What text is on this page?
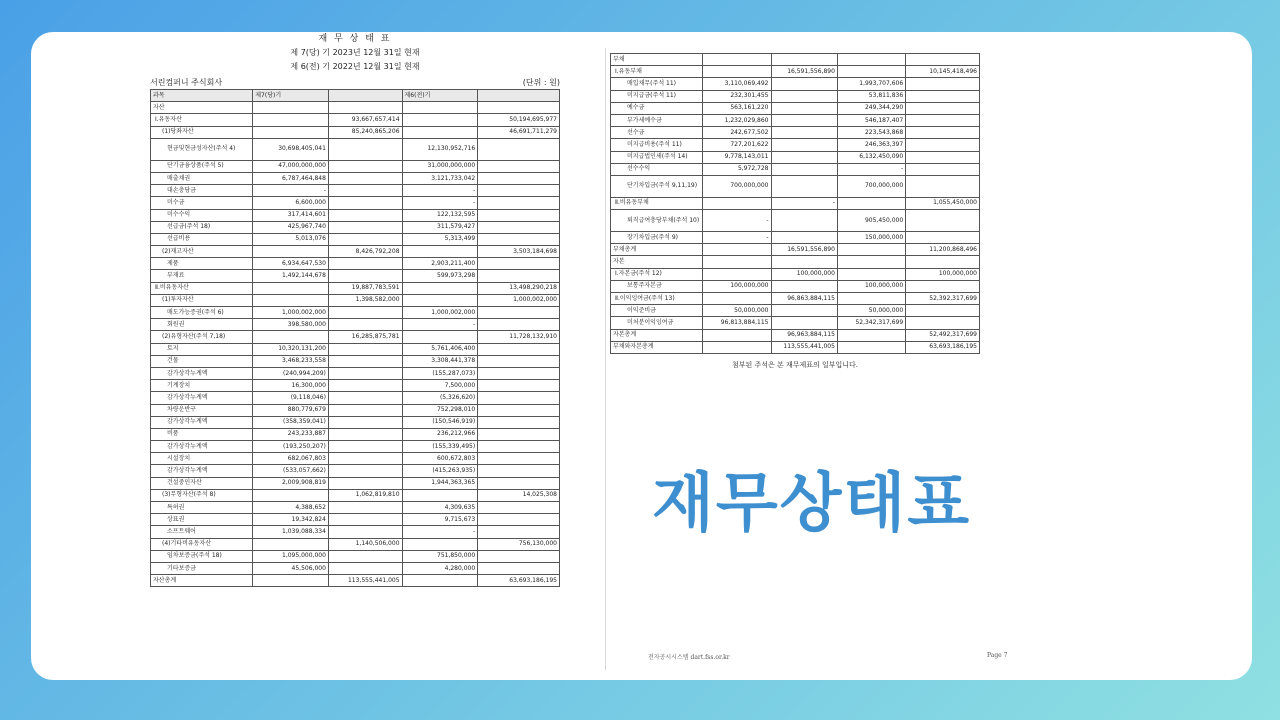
재무상태표
전자공시시스템 dart.fss.or.kr	Page 7
재 무 상 태 표
제 7(당) 기 2023년 12월 31일 현재
제 6(전) 기 2022년 12월 31일 현재
서린컴퍼니 주식회사	(단위 : 원)
과목	제7(당)기		제6(전)기	
자산				
Ⅰ.유동자산		93,667,657,414		50,194,695,977
(1)당좌자산		85,240,865,206		46,691,711,279
현금및현금성자산(주석 4)	30,698,405,041		12,130,952,716	
단기금융상품(주석 5)	47,000,000,000		31,000,000,000	
매출채권	6,787,464,848		3,121,733,042	
대손충당금	-		-	
미수금	6,600,000		-	
미수수익	317,414,601		122,132,595	
선급금(주석 18)	425,967,740		311,579,427	
선급비용	5,013,076		5,313,499	
(2)재고자산		8,426,792,208		3,503,184,698
제품	6,934,647,530		2,903,211,400	
부재료	1,492,144,678		599,973,298	
Ⅱ.비유동자산		19,887,783,591		13,498,290,218
(1)투자자산		1,398,582,000		1,000,002,000
매도가능증권(주석 6)	1,000,002,000		1,000,002,000	
회원권	398,580,000		-	
(2)유형자산(주석 7,18)		16,285,875,781		11,728,132,910
토지	10,320,131,200		5,761,406,400	
건물	3,468,233,558		3,308,441,378	
감가상각누계액	(240,994,209)		(155,287,073)	
기계장치	16,300,000		7,500,000	
감가상각누계액	(9,118,046)		(5,326,620)	
차량운반구	880,779,679		752,298,010	
감가상각누계액	(358,359,041)		(150,546,919)	
비품	243,233,887		236,212,966	
감가상각누계액	(193,250,207)		(155,339,495)	
시설장치	682,067,803		600,672,803	
감가상각누계액	(533,057,662)		(415,263,935)	
건설중인자산	2,009,908,819		1,944,363,365	
(3)무형자산(주석 8)		1,062,819,810		14,025,308
특허권	4,388,652		4,309,635	
상표권	19,342,824		9,715,673	
소프트웨어	1,039,088,334		-	
(4)기타비유동자산		1,140,506,000		756,130,000
임차보증금(주석 18)	1,095,000,000		751,850,000	
기타보증금	45,506,000		4,280,000	
자산총계		113,555,441,005		63,693,186,195
부채				
Ⅰ.유동부채		16,591,556,890		10,145,418,496
매입채무(주석 11)	3,110,069,492		1,993,707,606	
미지급금(주석 11)	232,301,455		53,811,836	
예수금	563,161,220		249,344,290	
부가세예수금	1,232,029,860		546,187,407	
선수금	242,677,502		223,543,868	
미지급비용(주석 11)	727,201,622		246,363,397	
미지급법인세(주석 14)	9,778,143,011		6,132,450,090	
선수수익	5,972,728		-	
단기차입금(주석 9,11,19)	700,000,000		700,000,000	
Ⅱ.비유동부채		-		1,055,450,000
퇴직급여충당부채(주석 10)	-		905,450,000	
장기차입금(주석 9)	-		150,000,000	
부채총계		16,591,556,890		11,200,868,496
자본				
Ⅰ.자본금(주석 12)		100,000,000		100,000,000
보통주자본금	100,000,000		100,000,000	
Ⅱ.이익잉여금(주석 13)		96,863,884,115		52,392,317,699
이익준비금	50,000,000		50,000,000	
미처분이익잉여금	96,813,884,115		52,342,317,699	
자본총계		96,963,884,115		52,492,317,699
부채와자본총계		113,555,441,005		63,693,186,195
첨부된 주석은 본 재무제표의 일부입니다.
